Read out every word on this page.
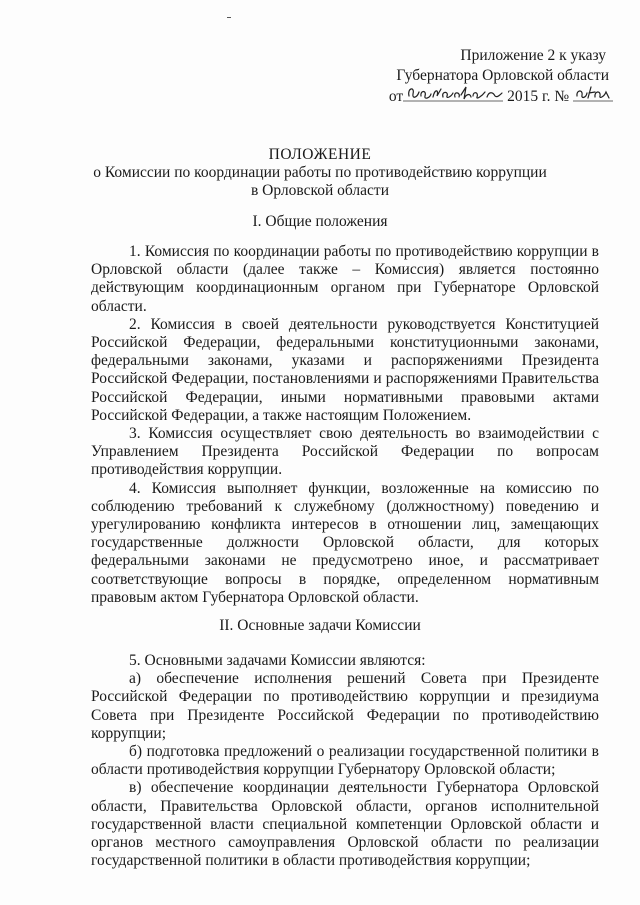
Приложение 2 к указу
Губернатора Орловской области
от	2015 г. №
ПОЛОЖЕНИЕ
о Комиссии по координации работы по противодействию коррупции
в Орловской области
I. Общие положения

1. Комиссия по координации работы по противодействию коррупции в Орловской области (далее также – Комиссия) является постоянно действующим координационным органом при Губернаторе Орловской области.

2. Комиссия в своей деятельности руководствуется Конституцией Российской Федерации, федеральными конституционными законами, федеральными законами, указами и распоряжениями Президента Российской Федерации, постановлениями и распоряжениями Правительства Российской Федерации, иными нормативными правовыми актами Российской Федерации, а также настоящим Положением.

3. Комиссия осуществляет свою деятельность во взаимодействии с Управлением Президента Российской Федерации по вопросам противодействия коррупции.

4. Комиссия выполняет функции, возложенные на комиссию по соблюдению требований к служебному (должностному) поведению и урегулированию конфликта интересов в отношении лиц, замещающих государственные должности Орловской области, для которых федеральными законами не предусмотрено иное, и рассматривает соответствующие вопросы в порядке, определенном нормативным правовым актом Губернатора Орловской области.

II. Основные задачи Комиссии

5. Основными задачами Комиссии являются:

а) обеспечение исполнения решений Совета при Президенте Российской Федерации по противодействию коррупции и президиума Совета при Президенте Российской Федерации по противодействию коррупции;

б) подготовка предложений о реализации государственной политики в области противодействия коррупции Губернатору Орловской области;

в) обеспечение координации деятельности Губернатора Орловской области, Правительства Орловской области, органов исполнительной государственной власти специальной компетенции Орловской области и органов местного самоуправления Орловской области по реализации государственной политики в области противодействия коррупции;
